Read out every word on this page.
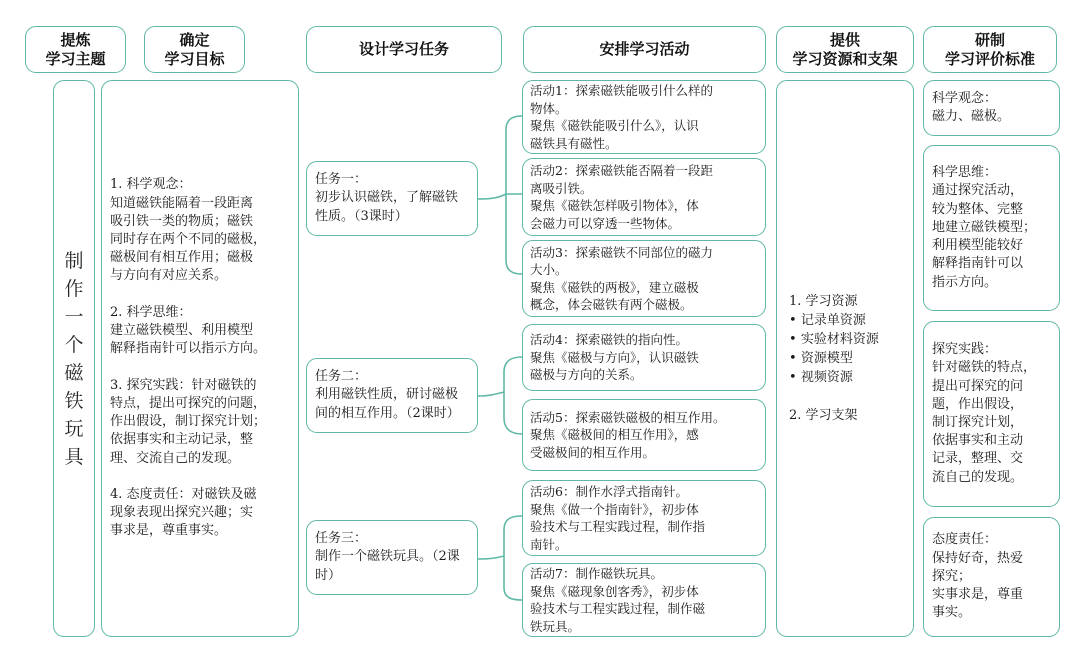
提炼
学习主题
确定
学习目标
设计学习任务	安排学习活动
提供
学习资源和支架
研制
学习评价标准
制
作
一
个
磁
铁
玩
具
1. 科学观念：
知道磁铁能隔着一段距离
吸引铁一类的物质；磁铁
同时存在两个不同的磁极，
磁极间有相互作用；磁极
与方向有对应关系。

2. 科学思维：
建立磁铁模型、利用模型
解释指南针可以指示方向。

3. 探究实践：针对磁铁的
特点，提出可探究的问题，
作出假设，制订探究计划；
依据事实和主动记录，整
理、交流自己的发现。

4. 态度责任：对磁铁及磁
现象表现出探究兴趣；实
事求是，尊重事实。
任务一：
初步认识磁铁，了解磁铁
性质。（3课时）
任务二：
利用磁铁性质，研讨磁极
间的相互作用。（2课时）
任务三：
制作一个磁铁玩具。（2课
时）
活动1：探索磁铁能吸引什么样的
物体。
聚焦《磁铁能吸引什么》，认识
磁铁具有磁性。
活动2：探索磁铁能否隔着一段距
离吸引铁。
聚焦《磁铁怎样吸引物体》，体
会磁力可以穿透一些物体。
活动3：探索磁铁不同部位的磁力
大小。
聚焦《磁铁的两极》，建立磁极
概念，体会磁铁有两个磁极。
活动4：探索磁铁的指向性。
聚焦《磁极与方向》，认识磁铁
磁极与方向的关系。
活动5：探索磁铁磁极的相互作用。
聚焦《磁极间的相互作用》，感
受磁极间的相互作用。
活动6：制作水浮式指南针。
聚焦《做一个指南针》，初步体
验技术与工程实践过程，制作指
南针。
活动7：制作磁铁玩具。
聚焦《磁现象创客秀》，初步体
验技术与工程实践过程，制作磁
铁玩具。
1. 学习资源
• 记录单资源
• 实验材料资源
• 资源模型
• 视频资源
2. 学习支架
科学观念：
磁力、磁极。
科学思维：
通过探究活动，
较为整体、完整
地建立磁铁模型；
利用模型能较好
解释指南针可以
指示方向。
探究实践：
针对磁铁的特点，
提出可探究的问
题，作出假设，
制订探究计划，
依据事实和主动
记录，整理、交
流自己的发现。
态度责任：
保持好奇，热爱
探究；
实事求是，尊重
事实。
